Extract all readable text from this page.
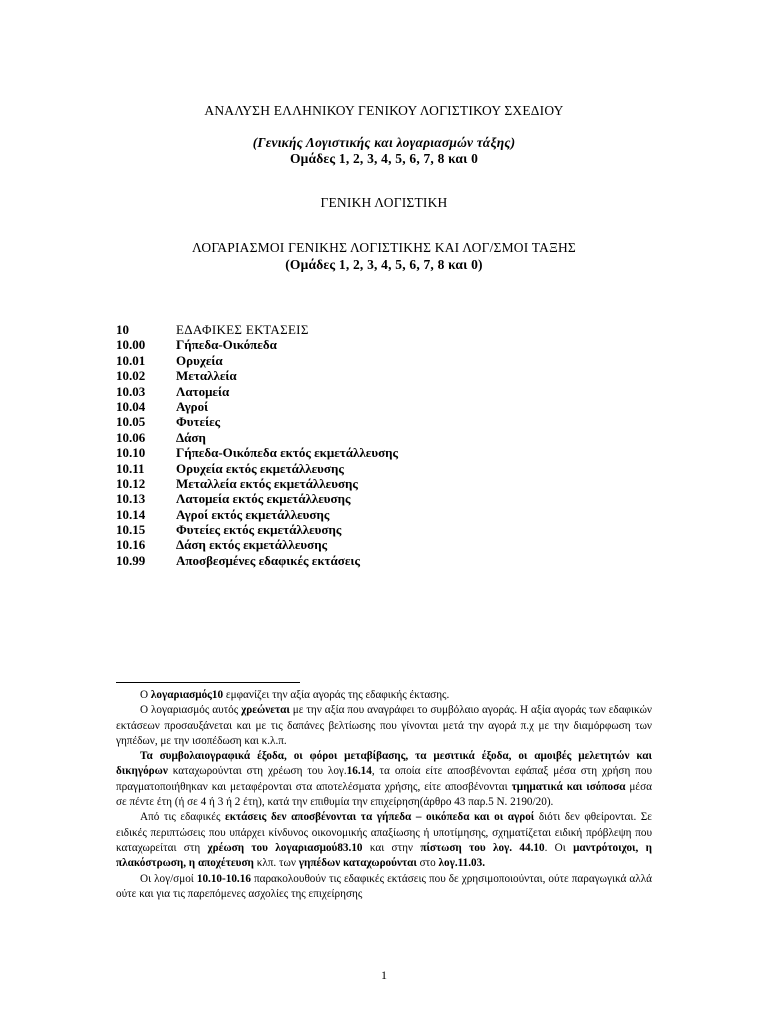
ΑΝΑΛΥΣΗ ΕΛΛΗΝΙΚΟΥ ΓΕΝΙΚΟΥ ΛΟΓΙΣΤΙΚΟΥ ΣΧΕΔΙΟΥ
(Γενικής Λογιστικής και λογαριασμών τάξης)
Ομάδες 1, 2, 3, 4, 5, 6, 7, 8 και 0
ΓΕΝΙΚΗ ΛΟΓΙΣΤΙΚΗ
ΛΟΓΑΡΙΑΣΜΟΙ ΓΕΝΙΚΗΣ ΛΟΓΙΣΤΙΚΗΣ ΚΑΙ ΛΟΓ/ΣΜΟΙ ΤΑΞΗΣ
(Ομάδες 1, 2, 3, 4, 5, 6, 7, 8 και 0)
10	ΕΔΑΦΙΚΕΣ ΕΚΤΑΣΕΙΣ
10.00	Γήπεδα-Οικόπεδα
10.01	Ορυχεία
10.02	Μεταλλεία
10.03	Λατομεία
10.04	Αγροί
10.05	Φυτείες
10.06	Δάση
10.10	Γήπεδα-Οικόπεδα εκτός εκμετάλλευσης
10.11	Ορυχεία εκτός εκμετάλλευσης
10.12	Μεταλλεία εκτός εκμετάλλευσης
10.13	Λατομεία εκτός εκμετάλλευσης
10.14	Αγροί εκτός εκμετάλλευσης
10.15	Φυτείες εκτός εκμετάλλευσης
10.16	Δάση εκτός εκμετάλλευσης
10.99	Αποσβεσμένες εδαφικές εκτάσεις

Ο λογαριασμός10 εμφανίζει την αξία αγοράς της εδαφικής έκτασης.

Ο λογαριασμός αυτός χρεώνεται με την αξία που αναγράφει το συμβόλαιο αγοράς. Η αξία αγοράς των εδαφικών εκτάσεων προσαυξάνεται και με τις δαπάνες βελτίωσης που γίνονται μετά την αγορά π.χ με την διαμόρφωση των γηπέδων, με την ισοπέδωση και κ.λ.π.

Τα συμβολαιογραφικά έξοδα, οι φόροι μεταβίβασης, τα μεσιτικά έξοδα, οι αμοιβές μελετητών και δικηγόρων καταχωρούνται στη χρέωση του λογ.16.14, τα οποία είτε αποσβένονται εφάπαξ μέσα στη χρήση που πραγματοποιήθηκαν και μεταφέρονται στα αποτελέσματα χρήσης, είτε αποσβένονται τμηματικά και ισόποσα μέσα σε πέντε έτη (ή σε 4 ή 3 ή 2 έτη), κατά την επιθυμία την επιχείρηση(άρθρο 43 παρ.5 Ν. 2190/20).

Από τις εδαφικές εκτάσεις δεν αποσβένονται τα γήπεδα – οικόπεδα και οι αγροί διότι δεν φθείρονται. Σε ειδικές περιπτώσεις που υπάρχει κίνδυνος οικονομικής απαξίωσης ή υποτίμησης, σχηματίζεται ειδική πρόβλεψη που καταχωρείται στη χρέωση του λογαριασμού83.10 και στην πίστωση του λογ. 44.10. Οι μαντρότοιχοι, η πλακόστρωση, η αποχέτευση κλπ. των γηπέδων καταχωρούνται στο λογ.11.03.

Οι λογ/σμοί 10.10-10.16 παρακολουθούν τις εδαφικές εκτάσεις που δε χρησιμοποιούνται, ούτε παραγωγικά αλλά ούτε και για τις παρεπόμενες ασχολίες της επιχείρησης

1
